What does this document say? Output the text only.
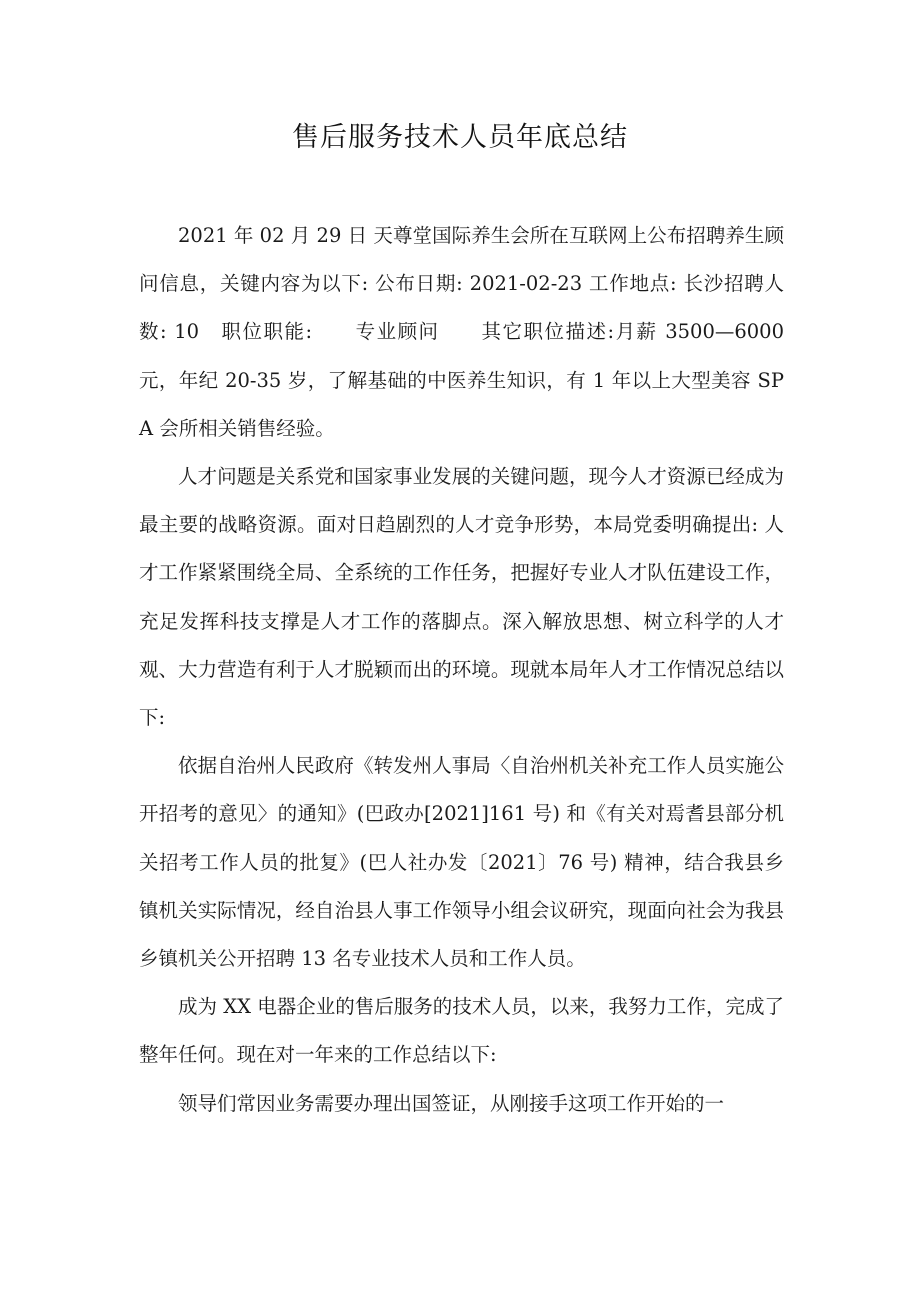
售后服务技术人员年底总结

2021 年 02 月 29 日 天尊堂国际养生会所在互联网上公布招聘养生顾问信息，关键内容为以下: 公布日期: 2021-02-23 工作地点: 长沙招聘人数: 10　职位职能:　　专业顾问　　其它职位描述:月薪 3500—6000 元，年纪 20-35 岁，了解基础的中医养生知识，有 1 年以上大型美容 SPA 会所相关销售经验。

人才问题是关系党和国家事业发展的关键问题，现今人才资源已经成为最主要的战略资源。面对日趋剧烈的人才竞争形势，本局党委明确提出: 人才工作紧紧围绕全局、全系统的工作任务，把握好专业人才队伍建设工作，充足发挥科技支撑是人才工作的落脚点。深入解放思想、树立科学的人才观、大力营造有利于人才脱颖而出的环境。现就本局年人才工作情况总结以下:

依据自治州人民政府《转发州人事局〈自治州机关补充工作人员实施公开招考的意见〉的通知》(巴政办[2021]161 号) 和《有关对焉耆县部分机关招考工作人员的批复》(巴人社办发〔2021〕76 号) 精神，结合我县乡镇机关实际情况，经自治县人事工作领导小组会议研究，现面向社会为我县乡镇机关公开招聘 13 名专业技术人员和工作人员。

成为 XX 电器企业的售后服务的技术人员，以来，我努力工作，完成了整年任何。现在对一年来的工作总结以下:

领导们常因业务需要办理出国签证，从刚接手这项工作开始的一
